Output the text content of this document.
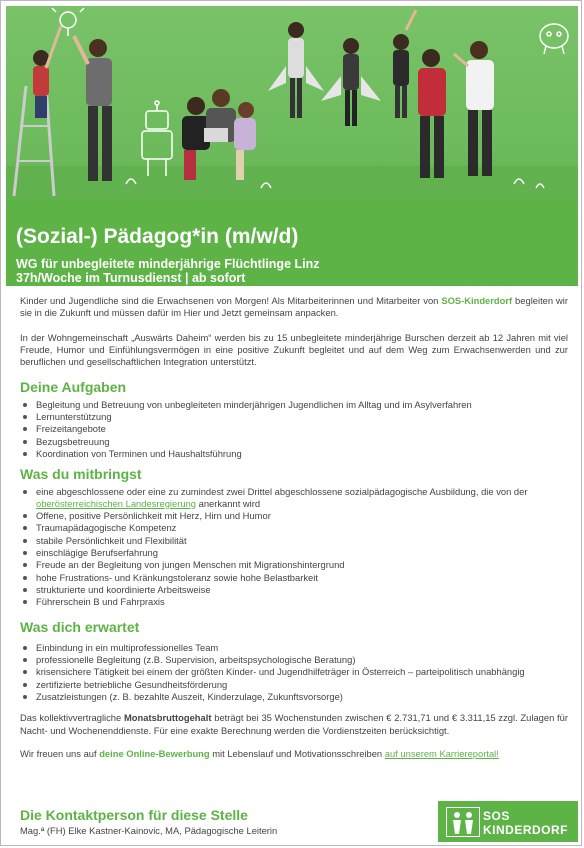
(Sozial-) Pädagog*in (m/w/d)
WG für unbegleitete minderjährige Flüchtlinge Linz
37h/Woche im Turnusdienst | ab sofort

Kinder und Jugendliche sind die Erwachsenen von Morgen! Als Mitarbeiterinnen und Mitarbeiter von SOS-Kinderdorf begleiten wir sie in die Zukunft und müssen dafür im Hier und Jetzt gemeinsam anpacken.

In der Wohngemeinschaft „Auswärts Daheim“ werden bis zu 15 unbegleitete minderjährige Burschen derzeit ab 12 Jahren mit viel Freude, Humor und Einfühlungsvermögen in eine positive Zukunft begleitet und auf dem Weg zum Erwachsenwerden und zur beruflichen und gesellschaftlichen Integration unterstützt.

Deine Aufgaben
Begleitung und Betreuung von unbegleiteten minderjährigen Jugendlichen im Alltag und im Asylverfahren
Lernunterstützung
Freizeitangebote
Bezugsbetreuung
Koordination von Terminen und Haushaltsführung
Was du mitbringst
eine abgeschlossene oder eine zu zumindest zwei Drittel abgeschlossene sozialpädagogische Ausbildung, die von der oberösterreichischen Landesregierung anerkannt wird
Offene, positive Persönlichkeit mit Herz, Hirn und Humor
Traumapädagogische Kompetenz
stabile Persönlichkeit und Flexibilität
einschlägige Berufserfahrung
Freude an der Begleitung von jungen Menschen mit Migrationshintergrund
hohe Frustrations- und Kränkungstoleranz sowie hohe Belastbarkeit
strukturierte und koordinierte Arbeitsweise
Führerschein B und Fahrpraxis
Was dich erwartet
Einbindung in ein multiprofessionelles Team
professionelle Begleitung (z.B. Supervision, arbeitspsychologische Beratung)
krisensichere Tätigkeit bei einem der größten Kinder- und Jugendhilfeträger in Österreich – parteipolitisch unabhängig
zertifizierte betriebliche Gesundheitsförderung
Zusatzleistungen (z. B. bezahlte Auszeit, Kinderzulage, Zukunftsvorsorge)

Das kollektivvertragliche Monatsbruttogehalt beträgt bei 35 Wochenstunden zwischen € 2.731,71 und € 3.311,15 zzgl. Zulagen für Nacht- und Wochenenddienste. Für eine exakte Berechnung werden die Vordienstzeiten berücksichtigt.

Wir freuen uns auf deine Online-Bewerbung mit Lebenslauf und Motivationsschreiben auf unserem Karriereportal!

Die Kontaktperson für diese Stelle
Mag.ª (FH) Elke Kastner-Kainovic, MA, Pädagogische Leiterin
SOS
KINDERDORF
